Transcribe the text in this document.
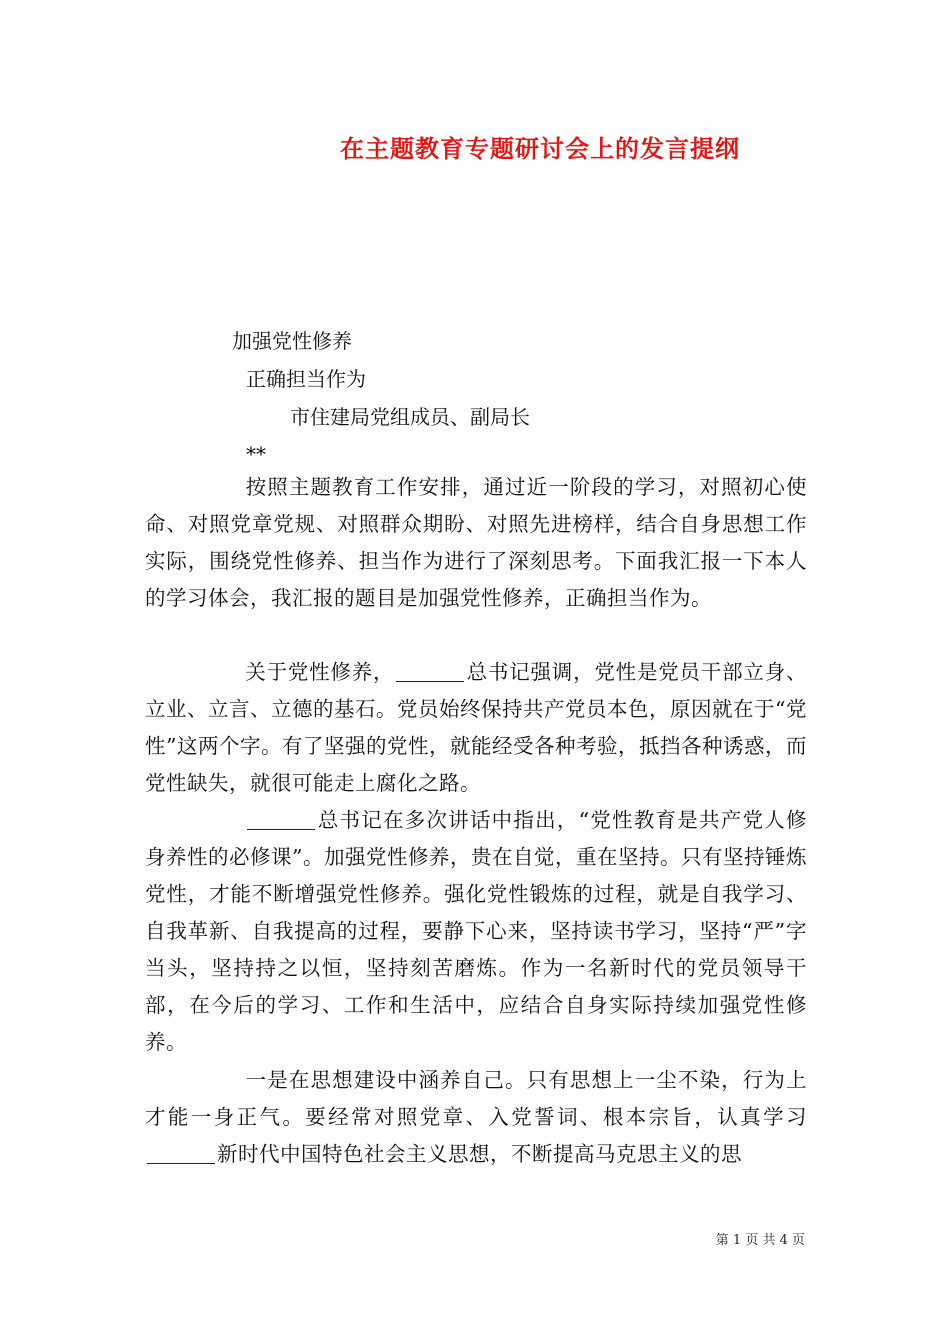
在主题教育专题研讨会上的发言提纲
加强党性修养
正确担当作为
市住建局党组成员、副局长
**

按照主题教育工作安排，通过近一阶段的学习，对照初心使命、对照党章党规、对照群众期盼、对照先进榜样，结合自身思想工作实际，围绕党性修养、担当作为进行了深刻思考。下面我汇报一下本人的学习体会，我汇报的题目是加强党性修养，正确担当作为。

关于党性修养，	总书记强调，党性是党员干部立身、立业、立言、立德的基石。党员始终保持共产党员本色，原因就在于“党性”这两个字。有了坚强的党性，就能经受各种考验，抵挡各种诱惑，而党性缺失，就很可能走上腐化之路。

总书记在多次讲话中指出，“党性教育是共产党人修身养性的必修课”。加强党性修养，贵在自觉，重在坚持。只有坚持锤炼党性，才能不断增强党性修养。强化党性锻炼的过程，就是自我学习、自我革新、自我提高的过程，要静下心来，坚持读书学习，坚持“严”字当头，坚持持之以恒，坚持刻苦磨炼。作为一名新时代的党员领导干部，在今后的学习、工作和生活中，应结合自身实际持续加强党性修养。

一是在思想建设中涵养自己。只有思想上一尘不染，行为上才能一身正气。要经常对照党章、入党誓词、根本宗旨，认真学习新时代中国特色社会主义思想，不断提高马克思主义的思

第 1 页 共 4 页
